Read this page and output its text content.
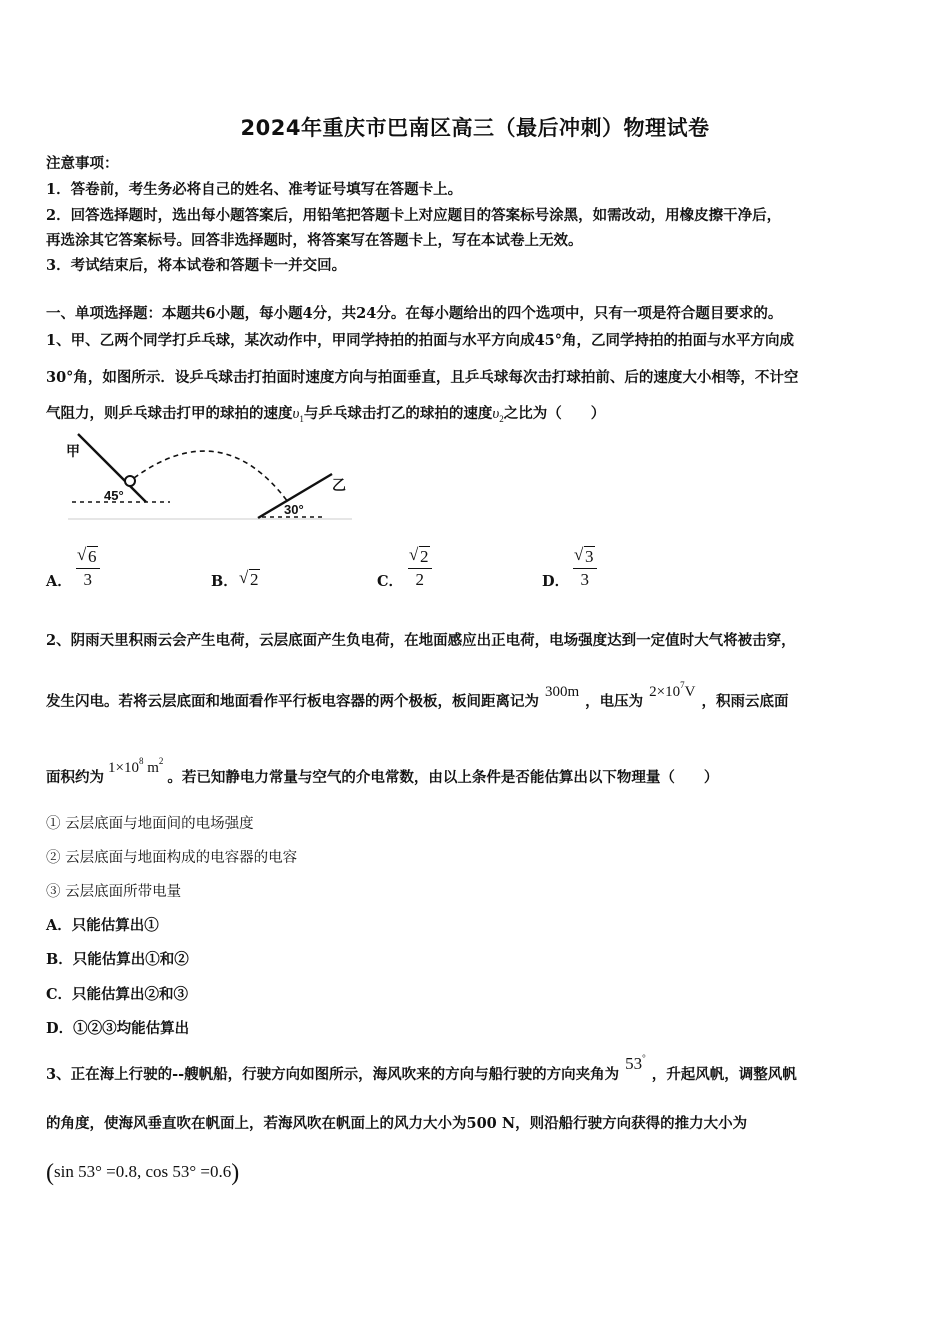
2024年重庆市巴南区高三（最后冲刺）物理试卷
注意事项：
1．答卷前，考生务必将自己的姓名、准考证号填写在答题卡上。
2．回答选择题时，选出每小题答案后，用铅笔把答题卡上对应题目的答案标号涂黑，如需改动，用橡皮擦干净后，
再选涂其它答案标号。回答非选择题时，将答案写在答题卡上，写在本试卷上无效。
3．考试结束后，将本试卷和答题卡一并交回。
一、单项选择题：本题共6小题，每小题4分，共24分。在每小题给出的四个选项中，只有一项是符合题目要求的。
1、甲、乙两个同学打乒乓球，某次动作中，甲同学持拍的拍面与水平方向成45°角，乙同学持拍的拍面与水平方向成
30°角，如图所示．设乒乓球击打拍面时速度方向与拍面垂直，且乒乓球每次击打球拍前、后的速度大小相等，不计空
气阻力，则乒乓球击打甲的球拍的速度$\upsilon_1$与乒乓球击打乙的球拍的速度$\upsilon_2$之比为（　　）
甲
乙
45°
30°
A． √ $\frac{6}{3}$	B． √ 2	C． √ $\frac{2}{2}$	D． √ $\frac{3}{3}$
2、阴雨天里积雨云会产生电荷，云层底面产生负电荷，在地面感应出正电荷，电场强度达到一定值时大气将被击穿，
发生闪电。若将云层底面和地面看作平行板电容器的两个极板，板间距离记为300m，电压为$2\times 10^7V$，积雨云底面
面积约为$1\times 10^8$ $m^2$。若已知静电力常量与空气的介电常数，由以上条件是否能估算出以下物理量（　　）
① 云层底面与地面间的电场强度
② 云层底面与地面构成的电容器的电容
③ 云层底面所带电量
A．只能估算出①
B．只能估算出①和②
C．只能估算出②和③
D．①②③均能估算出
3、正在海上行驶的--艘帆船，行驶方向如图所示，海风吹来的方向与船行驶的方向夹角为53°，升起风帆，调整风帆
的角度，使海风垂直吹在帆面上，若海风吹在帆面上的风力大小为500 N，则沿船行驶方向获得的推力大小为
(sin 53° =0.8, cos 53° =0.6)
